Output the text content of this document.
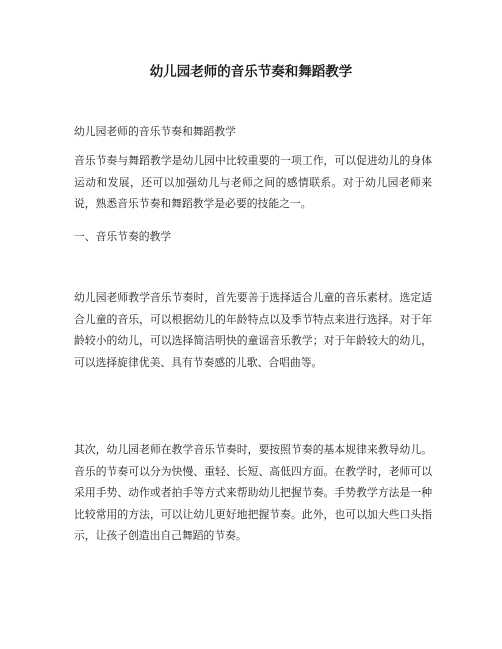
幼儿园老师的音乐节奏和舞蹈教学

幼儿园老师的音乐节奏和舞蹈教学

音乐节奏与舞蹈教学是幼儿园中比较重要的一项工作，可以促进幼儿的身体运动和发展，还可以加强幼儿与老师之间的感情联系。对于幼儿园老师来说，熟悉音乐节奏和舞蹈教学是必要的技能之一。

一、音乐节奏的教学

幼儿园老师教学音乐节奏时，首先要善于选择适合儿童的音乐素材。选定适合儿童的音乐，可以根据幼儿的年龄特点以及季节特点来进行选择。对于年龄较小的幼儿，可以选择简洁明快的童谣音乐教学；对于年龄较大的幼儿，可以选择旋律优美、具有节奏感的儿歌、合唱曲等。

其次，幼儿园老师在教学音乐节奏时，要按照节奏的基本规律来教导幼儿。音乐的节奏可以分为快慢、重轻、长短、高低四方面。在教学时，老师可以采用手势、动作或者拍手等方式来帮助幼儿把握节奏。手势教学方法是一种比较常用的方法，可以让幼儿更好地把握节奏。此外，也可以加大些口头指示，让孩子创造出自己舞蹈的节奏。
